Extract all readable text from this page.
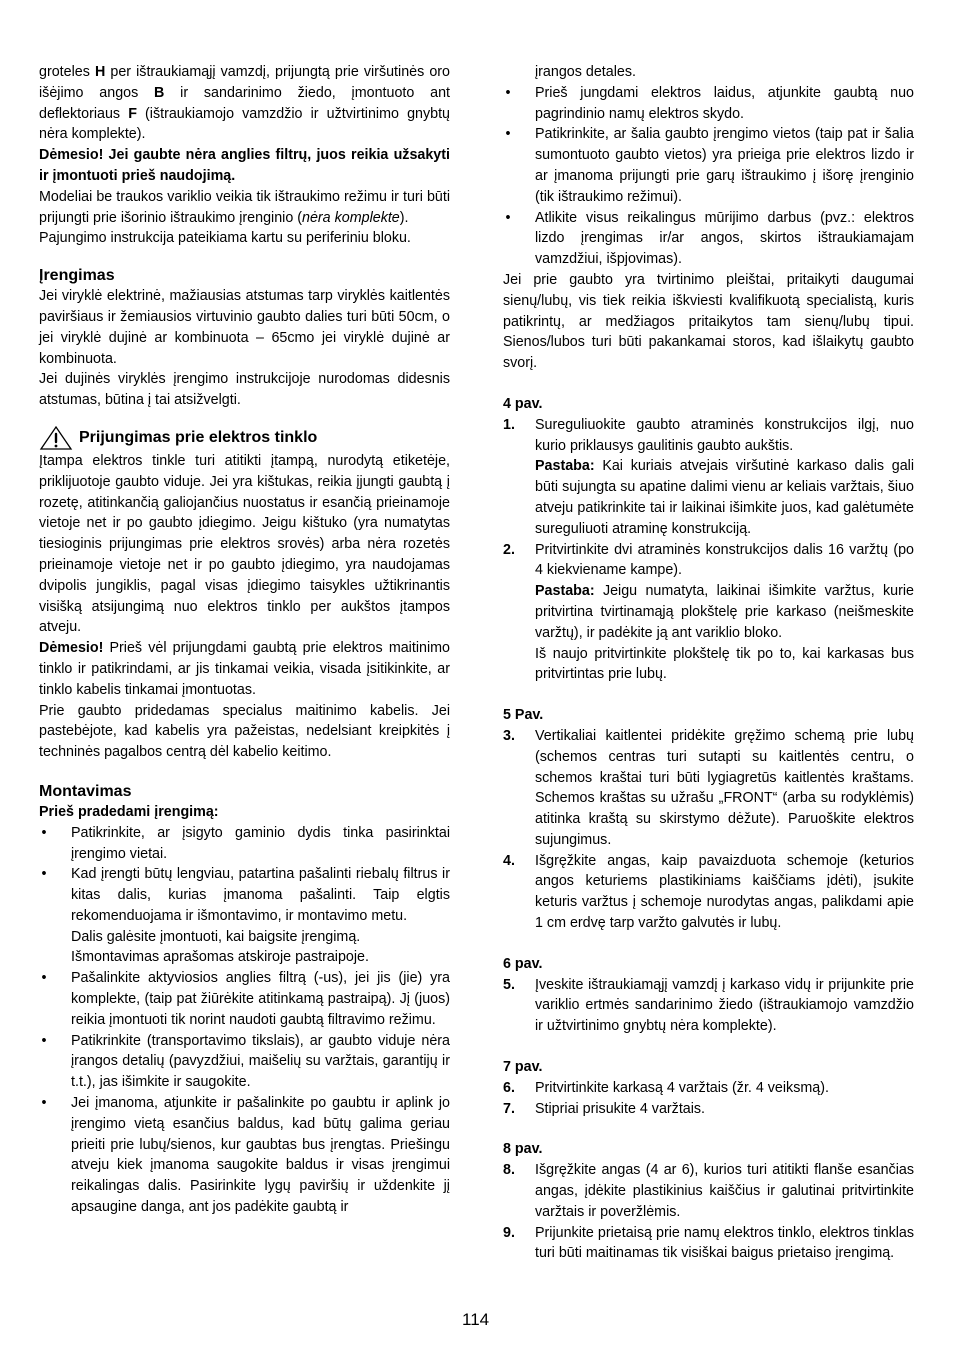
groteles H per ištraukiamąjį vamzdį, prijungtą prie viršutinės oro išėjimo angos B ir sandarinimo žiedo, įmontuoto ant deflektoriaus F (ištraukiamojo vamzdžio ir užtvirtinimo gnybtų nėra komplekte).

Dėmesio! Jei gaubte nėra anglies filtrų, juos reikia užsakyti ir įmontuoti prieš naudojimą.

Modeliai be traukos variklio veikia tik ištraukimo režimu ir turi būti prijungti prie išorinio ištraukimo įrenginio (nėra komplekte).

Pajungimo instrukcija pateikiama kartu su periferiniu bloku.

Įrengimas

Jei viryklė elektrinė, mažiausias atstumas tarp viryklės kaitlentės paviršiaus ir žemiausios virtuvinio gaubto dalies turi būti 50cm, o jei viryklė dujinė ar kombinuota – 65cmo jei viryklė dujinė ar kombinuota.

Jei dujinės viryklės įrengimo instrukcijoje nurodomas didesnis atstumas, būtina į tai atsižvelgti.

Prijungimas prie elektros tinklo

Įtampa elektros tinkle turi atitikti įtampą, nurodytą etiketėje, priklijuotoje gaubto viduje. Jei yra kištukas, reikia įjungti gaubtą į rozetę, atitinkančią galiojančius nuostatus ir esančią prieinamoje vietoje net ir po gaubto įdiegimo. Jeigu kištuko (yra numatytas tiesioginis prijungimas prie elektros srovės) arba nėra rozetės prieinamoje vietoje net ir po gaubto įdiegimo, yra naudojamas dvipolis jungiklis, pagal visas įdiegimo taisykles užtikrinantis visišką atsijungimą nuo elektros tinklo per aukštos įtampos atveju.

Dėmesio! Prieš vėl prijungdami gaubtą prie elektros maitinimo tinklo ir patikrindami, ar jis tinkamai veikia, visada įsitikinkite, ar tinklo kabelis tinkamai įmontuotas.

Prie gaubto pridedamas specialus maitinimo kabelis. Jei pastebėjote, kad kabelis yra pažeistas, nedelsiant kreipkitės į techninės pagalbos centrą dėl kabelio keitimo.

Montavimas

Prieš pradedami įrengimą:

• Patikrinkite, ar įsigyto gaminio dydis tinka pasirinktai įrengimo vietai.
• Kad įrengti būtų lengviau, patartina pašalinti riebalų filtrus ir kitas dalis, kurias įmanoma pašalinti. Taip elgtis rekomenduojama ir išmontavimo, ir montavimo metu.
Dalis galėsite įmontuoti, kai baigsite įrengimą.
Išmontavimas aprašomas atskiroje pastraipoje.
• Pašalinkite aktyviosios anglies filtrą (-us), jei jis (jie) yra komplekte, (taip pat žiūrėkite atitinkamą pastraipą). Jį (juos) reikia įmontuoti tik norint naudoti gaubtą filtravimo režimu.
• Patikrinkite (transportavimo tikslais), ar gaubto viduje nėra įrangos detalių (pavyzdžiui, maišelių su varžtais, garantijų ir t.t.), jas išimkite ir saugokite.
• Jei įmanoma, atjunkite ir pašalinkite po gaubtu ir aplink jo įrengimo vietą esančius baldus, kad būtų galima geriau prieiti prie lubų/sienos, kur gaubtas bus įrengtas. Priešingu atveju kiek įmanoma saugokite baldus ir visas įrengimui reikalingas dalis. Pasirinkite lygų paviršių ir uždenkite jį apsaugine danga, ant jos padėkite gaubtą ir
įrangos detales.
• Prieš jungdami elektros laidus, atjunkite gaubtą nuo pagrindinio namų elektros skydo.
• Patikrinkite, ar šalia gaubto įrengimo vietos (taip pat ir šalia sumontuoto gaubto vietos) yra prieiga prie elektros lizdo ir ar įmanoma prijungti prie garų ištraukimo į išorę įrenginio (tik ištraukimo režimui).
• Atlikite visus reikalingus mūrijimo darbus (pvz.: elektros lizdo įrengimas ir/ar angos, skirtos ištraukiamajam vamzdžiui, išpjovimas).

Jei prie gaubto yra tvirtinimo pleištai, pritaikyti daugumai sienų/lubų, vis tiek reikia iškviesti kvalifikuotą specialistą, kuris patikrintų, ar medžiagos pritaikytos tam sienų/lubų tipui. Sienos/lubos turi būti pakankamai storos, kad išlaikytų gaubto svorį.

4 pav.

1. Sureguliuokite gaubto atraminės konstrukcijos ilgį, nuo kurio priklausys gaulitinis gaubto aukštis.
Pastaba: Kai kuriais atvejais viršutinė karkaso dalis gali būti sujungta su apatine dalimi vienu ar keliais varžtais, šiuo atveju patikrinkite tai ir laikinai išimkite juos, kad galėtumėte sureguliuoti atraminę konstrukciją.
2. Pritvirtinkite dvi atraminės konstrukcijos dalis 16 varžtų (po 4 kiekviename kampe).
Pastaba: Jeigu numatyta, laikinai išimkite varžtus, kurie pritvirtina tvirtinamąją plokštelę prie karkaso (neišmeskite varžtų), ir padėkite ją ant variklio bloko.
Iš naujo pritvirtinkite plokštelę tik po to, kai karkasas bus pritvirtintas prie lubų.

5 Pav.

3. Vertikaliai kaitlentei pridėkite gręžimo schemą prie lubų (schemos centras turi sutapti su kaitlentės centru, o schemos kraštai turi būti lygiagretūs kaitlentės kraštams. Schemos kraštas su užrašu „FRONT“ (arba su rodyklėmis) atitinka kraštą su skirstymo dėžute). Paruoškite elektros sujungimus.
4. Išgręžkite angas, kaip pavaizduota schemoje (keturios angos keturiems plastikiniams kaiščiams įdėti), įsukite keturis varžtus į schemoje nurodytas angas, palikdami apie 1 cm erdvę tarp varžto galvutės ir lubų.

6 pav.

5. Įveskite ištraukiamąjį vamzdį į karkaso vidų ir prijunkite prie variklio ertmės sandarinimo žiedo (ištraukiamojo vamzdžio ir užtvirtinimo gnybtų nėra komplekte).

7 pav.

6. Pritvirtinkite karkasą 4 varžtais (žr. 4 veiksmą).
7. Stipriai prisukite 4 varžtais.

8 pav.

8. Išgręžkite angas (4 ar 6), kurios turi atitikti flanše esančias angas, įdėkite plastikinius kaiščius ir galutinai pritvirtinkite varžtais ir poveržlėmis.
9. Prijunkite prietaisą prie namų elektros tinklo, elektros tinklas turi būti maitinamas tik visiškai baigus prietaiso įrengimą.
114
